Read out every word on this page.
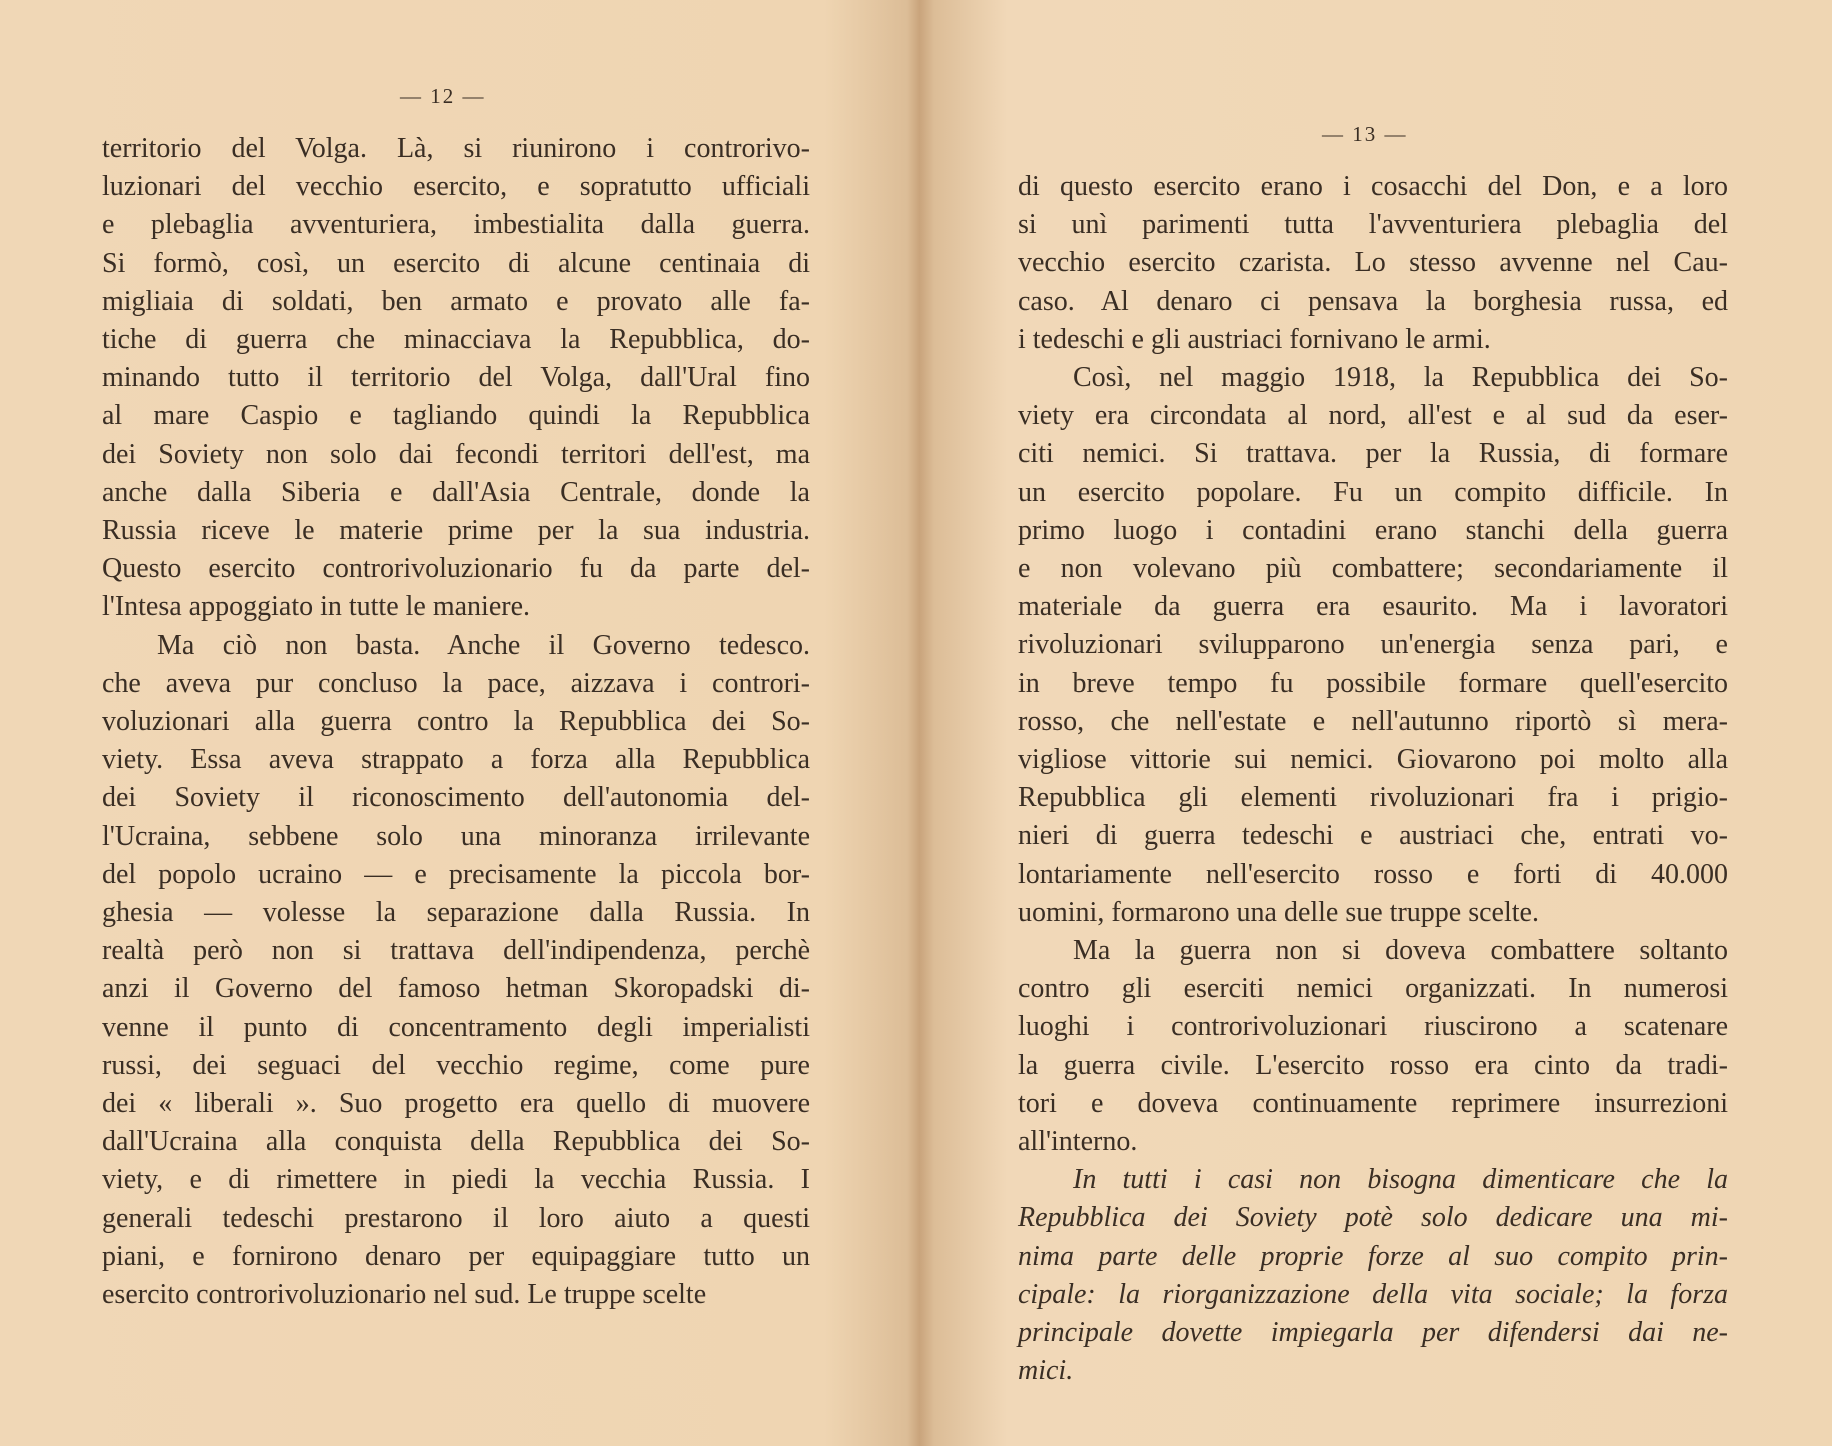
— 12 —

territorio del Volga. Là, si riunirono i controrivo-
luzionari del vecchio esercito, e sopratutto ufficiali
e plebaglia avventuriera, imbestialita dalla guerra.
Si formò, così, un esercito di alcune centinaia di
migliaia di soldati, ben armato e provato alle fa-
tiche di guerra che minacciava la Repubblica, do-
minando tutto il territorio del Volga, dall'Ural fino
al mare Caspio e tagliando quindi la Repubblica
dei Soviety non solo dai fecondi territori dell'est, ma
anche dalla Siberia e dall'Asia Centrale, donde la
Russia riceve le materie prime per la sua industria.
Questo esercito controrivoluzionario fu da parte del-
l'Intesa appoggiato in tutte le maniere.

Ma ciò non basta. Anche il Governo tedesco.
che aveva pur concluso la pace, aizzava i controri-
voluzionari alla guerra contro la Repubblica dei So-
viety. Essa aveva strappato a forza alla Repubblica
dei Soviety il riconoscimento dell'autonomia del-
l'Ucraina, sebbene solo una minoranza irrilevante
del popolo ucraino — e precisamente la piccola bor-
ghesia — volesse la separazione dalla Russia. In
realtà però non si trattava dell'indipendenza, perchè
anzi il Governo del famoso hetman Skoropadski di-
venne il punto di concentramento degli imperialisti
russi, dei seguaci del vecchio regime, come pure
dei « liberali ». Suo progetto era quello di muovere
dall'Ucraina alla conquista della Repubblica dei So-
viety, e di rimettere in piedi la vecchia Russia. I
generali tedeschi prestarono il loro aiuto a questi
piani, e fornirono denaro per equipaggiare tutto un
esercito controrivoluzionario nel sud. Le truppe scelte

— 13 —

di questo esercito erano i cosacchi del Don, e a loro
si unì parimenti tutta l'avventuriera plebaglia del
vecchio esercito czarista. Lo stesso avvenne nel Cau-
caso. Al denaro ci pensava la borghesia russa, ed
i tedeschi e gli austriaci fornivano le armi.

Così, nel maggio 1918, la Repubblica dei So-
viety era circondata al nord, all'est e al sud da eser-
citi nemici. Si trattava. per la Russia, di formare
un esercito popolare. Fu un compito difficile. In
primo luogo i contadini erano stanchi della guerra
e non volevano più combattere; secondariamente il
materiale da guerra era esaurito. Ma i lavoratori
rivoluzionari svilupparono un'energia senza pari, e
in breve tempo fu possibile formare quell'esercito
rosso, che nell'estate e nell'autunno riportò sì mera-
vigliose vittorie sui nemici. Giovarono poi molto alla
Repubblica gli elementi rivoluzionari fra i prigio-
nieri di guerra tedeschi e austriaci che, entrati vo-
lontariamente nell'esercito rosso e forti di 40.000
uomini, formarono una delle sue truppe scelte.

Ma la guerra non si doveva combattere soltanto
contro gli eserciti nemici organizzati. In numerosi
luoghi i controrivoluzionari riuscirono a scatenare
la guerra civile. L'esercito rosso era cinto da tradi-
tori e doveva continuamente reprimere insurrezioni
all'interno.

In tutti i casi non bisogna dimenticare che la
Repubblica dei Soviety potè solo dedicare una mi-
nima parte delle proprie forze al suo compito prin-
cipale: la riorganizzazione della vita sociale; la forza
principale dovette impiegarla per difendersi dai ne-
mici.
